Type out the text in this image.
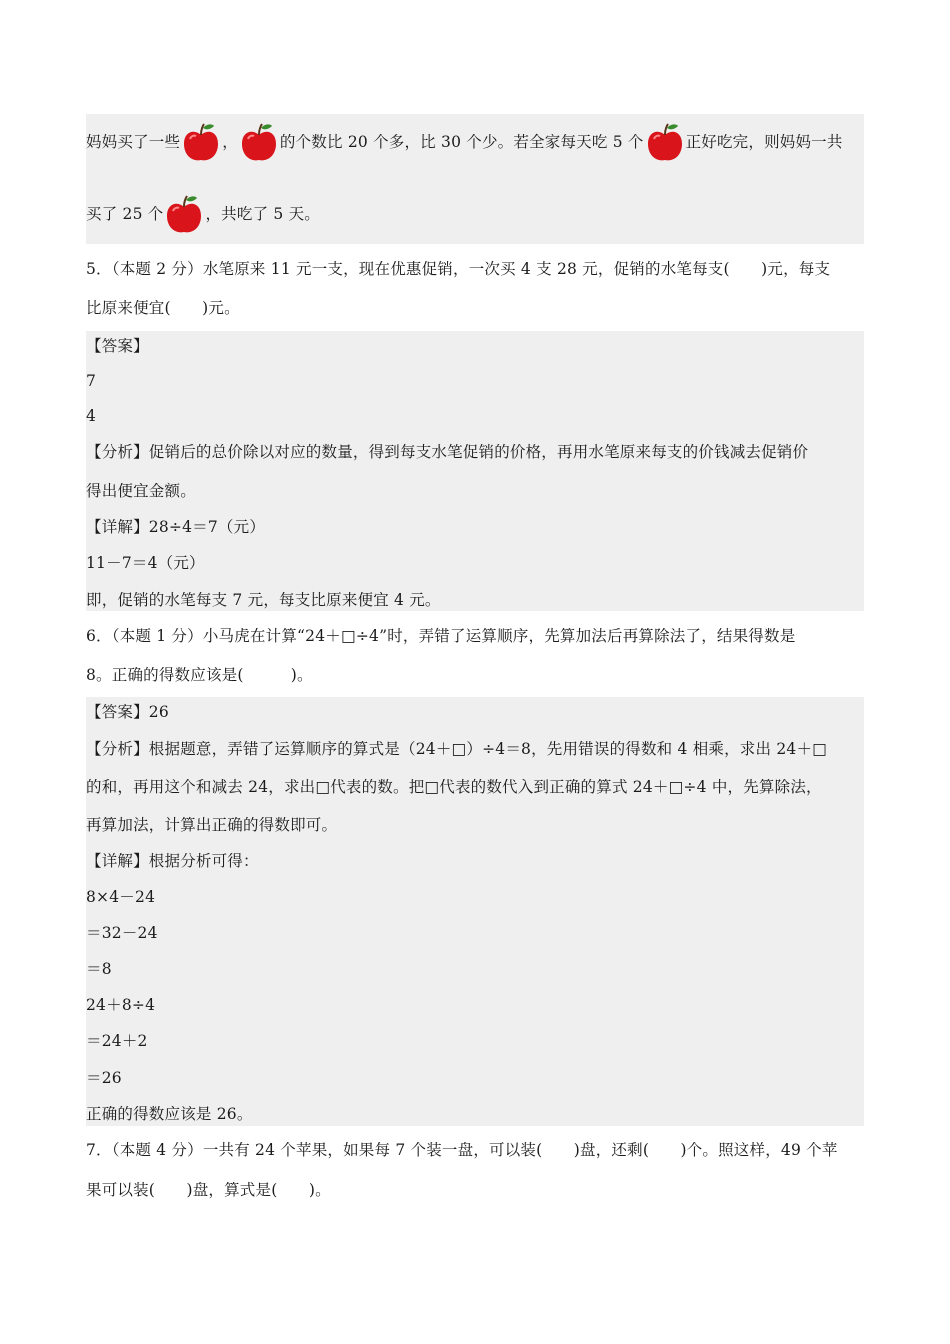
妈妈买了一些	，	的个数比 20 个多，比 30 个少。若全家每天吃 5 个	正好吃完，则妈妈一共
买了 25 个	，共吃了 5 天。
5．（本题 2 分）水笔原来 11 元一支，现在优惠促销，一次买 4 支 28 元，促销的水笔每支(　　)元，每支
比原来便宜(　　)元。
【答案】
7
4
【分析】促销后的总价除以对应的数量，得到每支水笔促销的价格，再用水笔原来每支的价钱减去促销价
得出便宜金额。
【详解】28÷4＝7（元）
11－7＝4（元）
即，促销的水笔每支 7 元，每支比原来便宜 4 元。
6．（本题 1 分）小马虎在计算“24＋□÷4”时，弄错了运算顺序，先算加法后再算除法了，结果得数是
8。正确的得数应该是(　　　)。
【答案】26
【分析】根据题意，弄错了运算顺序的算式是（24＋□）÷4＝8，先用错误的得数和 4 相乘，求出 24＋□
的和，再用这个和减去 24，求出□代表的数。把□代表的数代入到正确的算式 24＋□÷4 中，先算除法，
再算加法，计算出正确的得数即可。
【详解】根据分析可得：
8×4－24
＝32－24
＝8
24＋8÷4
＝24＋2
＝26
正确的得数应该是 26。
7．（本题 4 分）一共有 24 个苹果，如果每 7 个装一盘，可以装(　　)盘，还剩(　　)个。照这样，49 个苹
果可以装(　　)盘，算式是(　　)。
